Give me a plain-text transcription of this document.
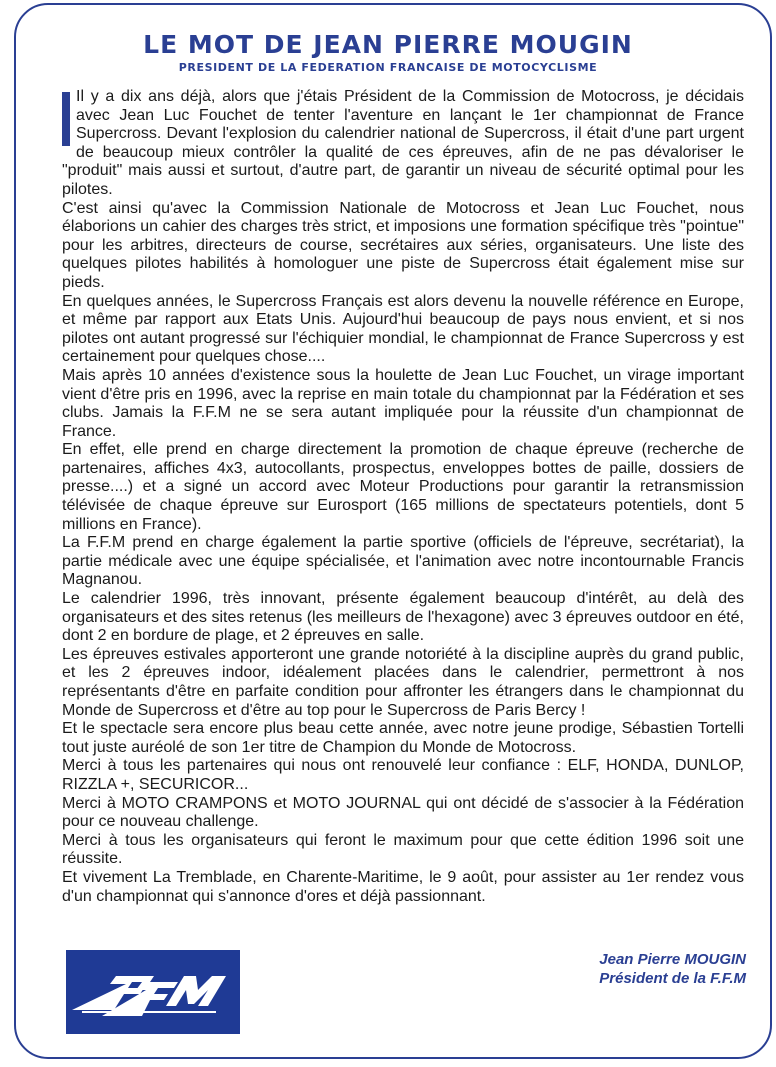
LE MOT DE JEAN PIERRE MOUGIN
PRESIDENT DE LA FEDERATION FRANCAISE DE MOTOCYCLISME

Il y a dix ans déjà, alors que j'étais Président de la Commission de Motocross, je décidais avec Jean Luc Fouchet de tenter l'aventure en lançant le 1er championnat de France Supercross. Devant l'explosion du calendrier national de Supercross, il était d'une part urgent de beaucoup mieux contrôler la qualité de ces épreuves, afin de ne pas dévaloriser le "produit" mais aussi et surtout, d'autre part, de garantir un niveau de sécurité optimal pour les pilotes.

C'est ainsi qu'avec la Commission Nationale de Motocross et Jean Luc Fouchet, nous élaborions un cahier des charges très strict, et imposions une formation spécifique très "pointue" pour les arbitres, directeurs de course, secrétaires aux séries, organisateurs. Une liste des quelques pilotes habilités à homologuer une piste de Supercross était également mise sur pieds.

En quelques années, le Supercross Français est alors devenu la nouvelle référence en Europe, et même par rapport aux Etats Unis. Aujourd'hui beaucoup de pays nous envient, et si nos pilotes ont autant progressé sur l'échiquier mondial, le championnat de France Supercross y est certainement pour quelques chose....

Mais après 10 années d'existence sous la houlette de Jean Luc Fouchet, un virage important vient d'être pris en 1996, avec la reprise en main totale du championnat par la Fédération et ses clubs. Jamais la F.F.M ne se sera autant impliquée pour la réussite d'un championnat de France.

En effet, elle prend en charge directement la promotion de chaque épreuve (recherche de partenaires, affiches 4x3, autocollants, prospectus, enveloppes bottes de paille, dossiers de presse....) et a signé un accord avec Moteur Productions pour garantir la retransmission télévisée de chaque épreuve sur Eurosport (165 millions de spectateurs potentiels, dont 5 millions en France).

La F.F.M prend en charge également la partie sportive (officiels de l'épreuve, secrétariat), la partie médicale avec une équipe spécialisée, et l'animation avec notre incontournable Francis Magnanou.

Le calendrier 1996, très innovant, présente également beaucoup d'intérêt, au delà des organisateurs et des sites retenus (les meilleurs de l'hexagone) avec 3 épreuves outdoor en été, dont 2 en bordure de plage, et 2 épreuves en salle.

Les épreuves estivales apporteront une grande notoriété à la discipline auprès du grand public, et les 2 épreuves indoor, idéalement placées dans le calendrier, permettront à nos représentants d'être en parfaite condition pour affronter les étrangers dans le championnat du Monde de Supercross et d'être au top pour le Supercross de Paris Bercy !

Et le spectacle sera encore plus beau cette année, avec notre jeune prodige, Sébastien Tortelli tout juste auréolé de son 1er titre de Champion du Monde de Motocross.

Merci à tous les partenaires qui nous ont renouvelé leur confiance : ELF, HONDA, DUNLOP, RIZZLA +, SECURICOR...

Merci à MOTO CRAMPONS et MOTO JOURNAL qui ont décidé de s'associer à la Fédération pour ce nouveau challenge.

Merci à tous les organisateurs qui feront le maximum pour que cette édition 1996 soit une réussite.

Et vivement La Tremblade, en Charente-Maritime, le 9 août, pour assister au 1er rendez vous d'un championnat qui s'annonce d'ores et déjà passionnant.

Jean Pierre MOUGIN
Président de la F.F.M
